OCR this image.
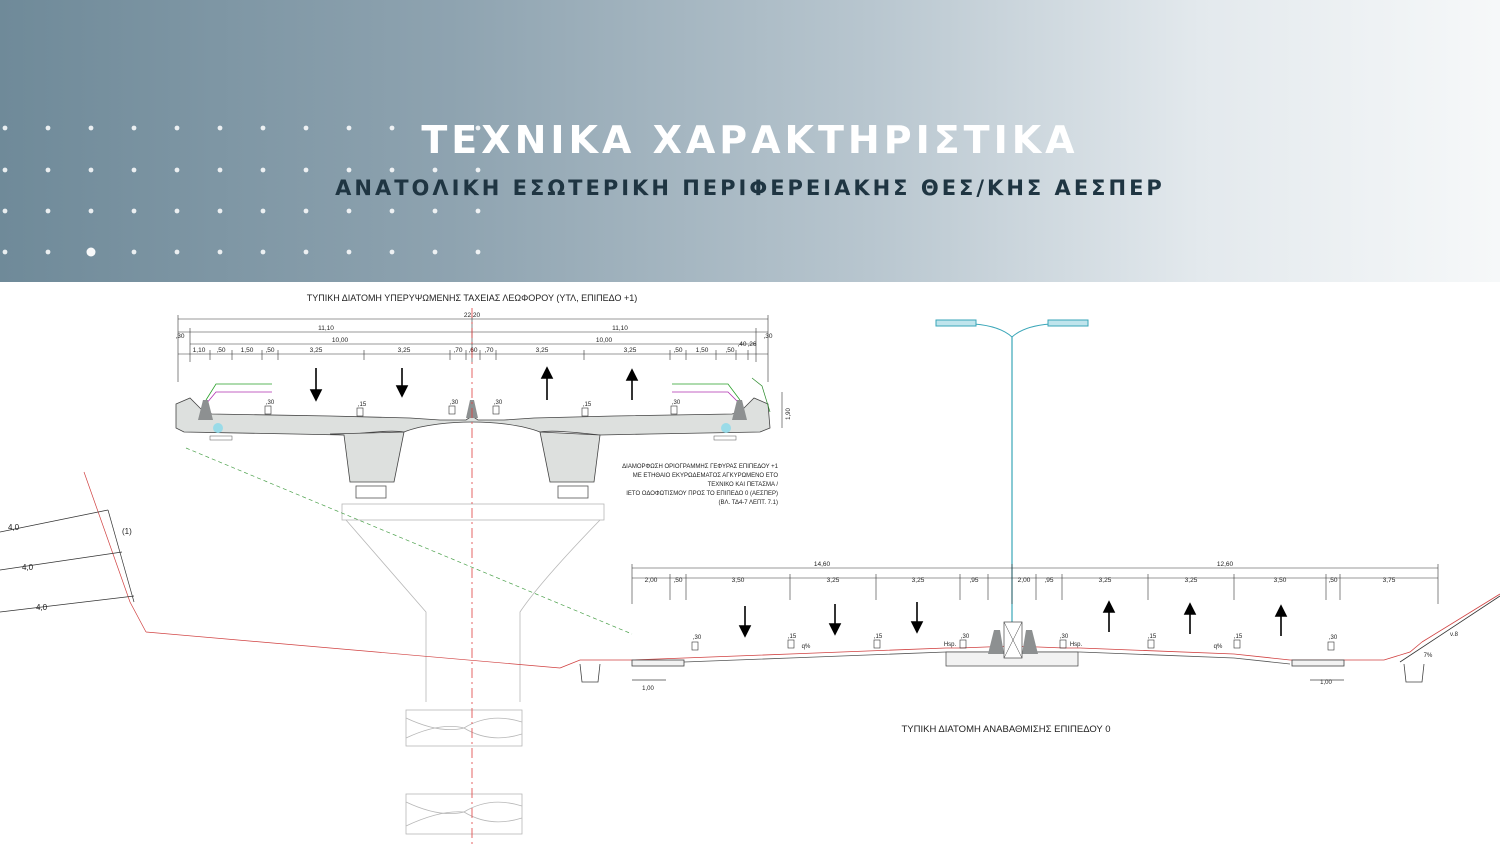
ΤΕΧΝΙΚΑ ΧΑΡΑΚΤΗΡΙΣΤΙΚΑ
ΑΝΑΤΟΛΙΚΗ ΕΣΩΤΕΡΙΚΗ ΠΕΡΙΦΕΡΕΙΑΚΗΣ ΘΕΣ/ΚΗΣ ΑΕΣΠΕΡ
ΤΥΠΙΚΗ ΔΙΑΤΟΜΗ ΥΠΕΡΥΨΩΜΕΝΗΣ ΤΑΧΕΙΑΣ ΛΕΩΦΟΡΟΥ (ΥΤΛ, ΕΠΙΠΕΔΟ +1)
22,20
11,10	11,10
10,00	10,00
,30	,30
1,10 ,50 1,50 ,50	3,25	3,25	,70 ,60 ,70	3,25	3,25	,50 1,50	,50
,40 ,26
,30	,15	,30	,30	,15	,30
1,90
ΔΙΑΜΟΡΦΩΣΗ ΟΡΙΟΓΡΑΜΜΗΣ ΓΕΦΥΡΑΣ ΕΠΙΠΕΔΟΥ +1
ΜΕ ΕΤΗΘΑΙΟ ΕΚΥΡΩΔΕΜΑΤΟΣ ΑΓΚΥΡΩΜΕΝΟ ΕΤΟ
ΤΕΧΝΙΚΟ ΚΑΙ ΠΕΤΑΣΜΑ /
ΙΕΤΟ ΟΔΟΦΩΤΙΣΜΟΥ ΠΡΟΣ ΤΟ ΕΠΙΠΕΔΟ 0 (ΑΕΣΠΕΡ)
(ΒΛ. ΤΔ4-7 ΛΕΠΤ. 7.1)
4,0
4,0
4,0
(1)
14,60	12,60
2,00 ,50	3,50	3,25	3,25	,95	2,00 ,95	3,25	3,25	3,50	,50	3,75
,30	,15	,15	,30	,30	,15	,15	,30
q%	q%
Hsp.	Hsp.
1,00
1,00
7%
ν.8
ΤΥΠΙΚΗ ΔΙΑΤΟΜΗ ΑΝΑΒΑΘΜΙΣΗΣ ΕΠΙΠΕΔΟΥ 0
